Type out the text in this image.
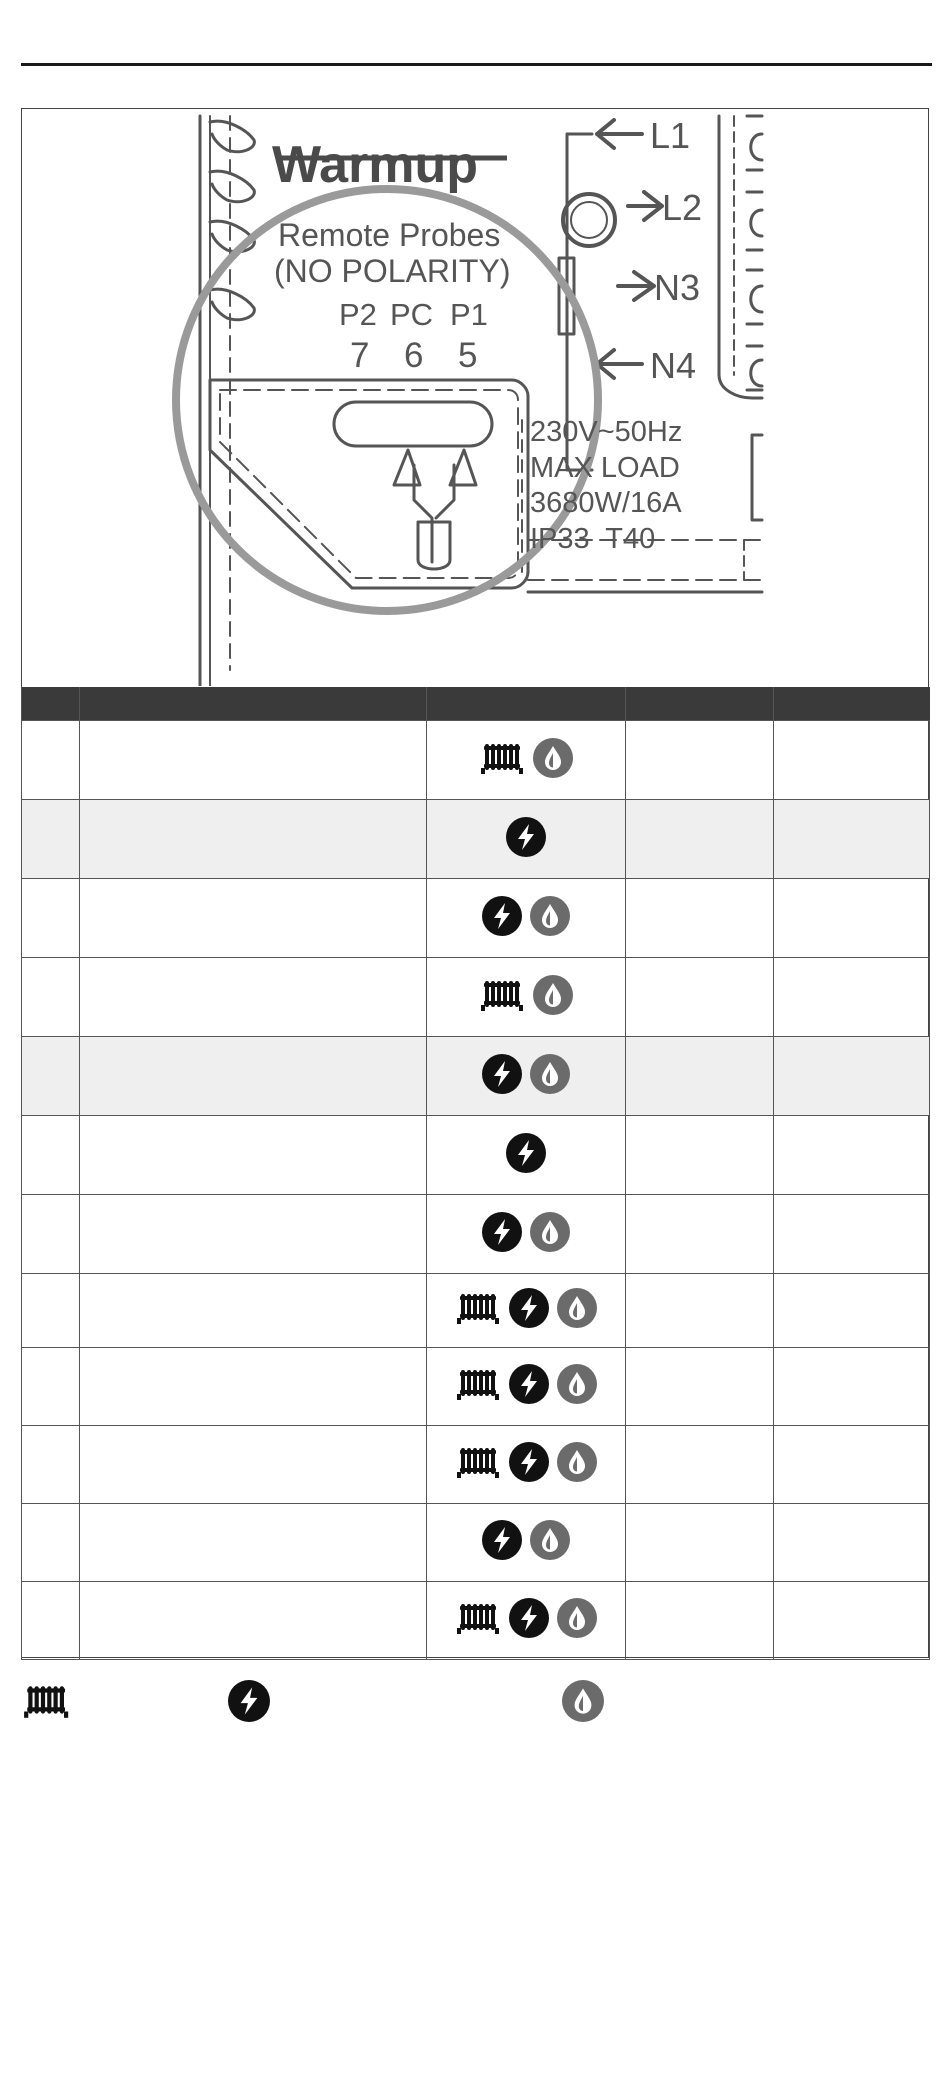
Warmup
Remote Probes
(NO POLARITY)
P2 PC P1
7 6 5
L1
L2
N3
N4
230V~50Hz
MAX LOAD
3680W/16A
IP33  T40
